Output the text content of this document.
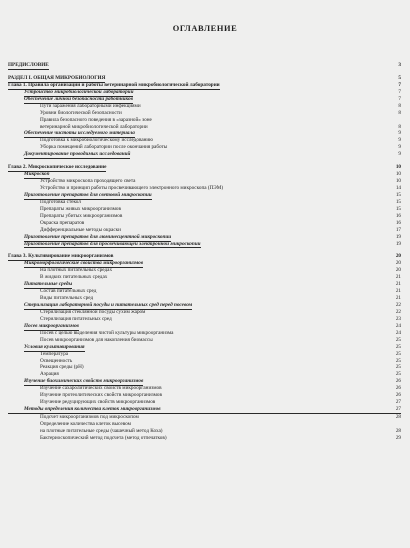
ОГЛАВЛЕНИЕ
ПРЕДИСЛОВИЕ	3
РАЗДЕЛ I. ОБЩАЯ МИКРОБИОЛОГИЯ	5
Глава 1. Правила организации и работы ветеринарной микробиологической лаборатории	7
Устройство микробиологической лаборатории	7
Обеспечение личной безопасности работников	7
Пути заражения лабораторными инфекциями	8
Уровни биологической безопасности	8
Правила безопасного поведения в «заразной» зоне
ветеринарной микробиологической лаборатории	8
Обеспечение чистоты исследуемого материала	9
Подготовка к микробиологическому исследованию	9
Уборка помещений лаборатории после окончания работы	9
Документирование проводимых исследований	9
Глава 2. Микроскопическое исследование	10
Микроскоп	10
Устройство микроскопа проходящего света	10
Устройство и принцип работы просвечивающего электронного микроскопа (ПЭМ)	14
Приготовление препаратов для световой микроскопии	15
Подготовка стекол	15
Препараты живых микроорганизмов	15
Препараты убитых микроорганизмов	16
Окраска препаратов	16
Дифференциальные методы окраски	17
Приготовление препаратов для люминесцентной микроскопии	19
Приготовление препаратов для просвечивающей электронной микроскопии	19
Глава 3. Культивирование микроорганизмов	20
Микроморфологические свойства микроорганизмов	20
На плотных питательных средах	20
В жидких питательных средах	21
Питательные среды	21
Состав питательных сред	21
Виды питательных сред	21
Стерилизация лабораторной посуды и питательных сред перед посевом	22
Стерилизация стеклянной посуды сухим жаром	22
Стерилизация питательных сред	23
Посев микроорганизмов	24
Посев с целью выделения чистой культуры микроорганизма	24
Посев микроорганизмов для накопления биомассы	25
Условия культивирования	25
Температура	25
Освещенность	25
Реакция среды (pH)	25
Аэрация	25
Изучение биохимических свойств микроорганизмов	26
Изучение сахаролитических свойств микроорганизмов	26
Изучение протеолитических свойств микроорганизмов	26
Изучение редуцирующих свойств микроорганизмов	27
Методы определения количества клеток микроорганизмов	27
Подсчет микроорганизмов под микроскопом	28
Определение количества клеток высевом
на плотные питательные среды (чашечный метод Коха)	28
Бактериоскопический метод подсчета (метод отпечатков)	29
